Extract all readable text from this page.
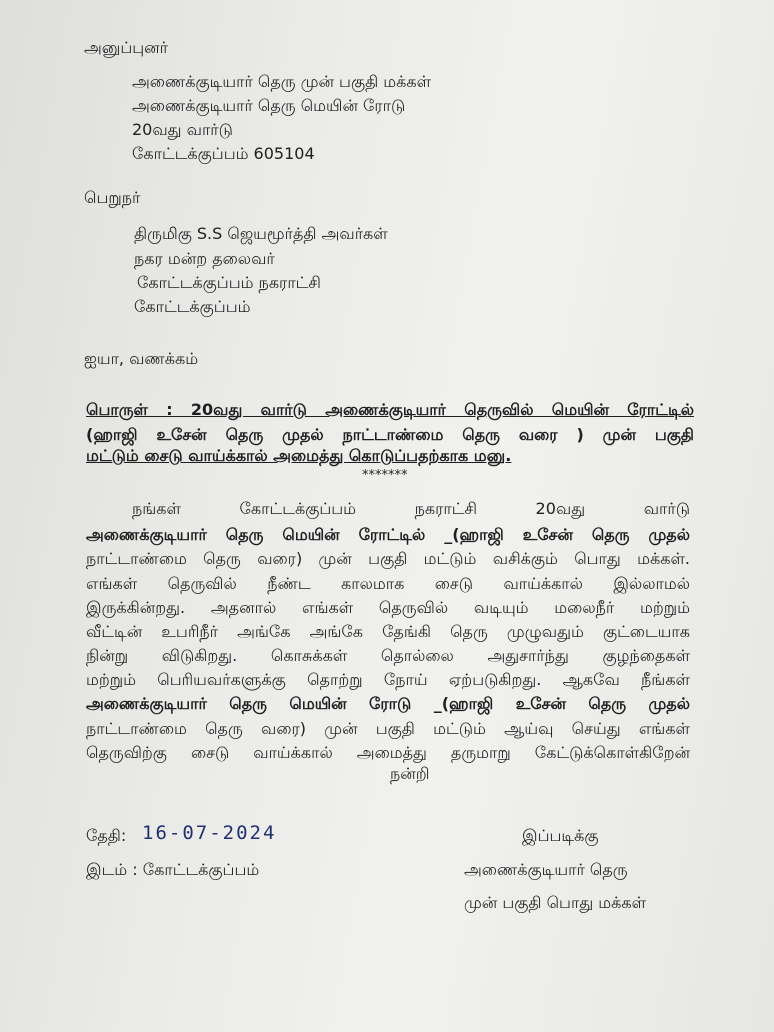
அனுப்புனர்
அணைக்குடியார் தெரு முன் பகுதி மக்கள்
அணைக்குடியார் தெரு மெயின் ரோடு
20வது வார்டு
கோட்டக்குப்பம் 605104
பெறுநர்
திருமிகு S.S ஜெயமூர்த்தி அவர்கள்
நகர மன்ற தலைவர்
கோட்டக்குப்பம் நகராட்சி
கோட்டக்குப்பம்
ஐயா, வணக்கம்
பொருள் : 20வது வார்டு அணைக்குடியார் தெருவில் மெயின் ரோட்டில்
(ஹாஜி உசேன் தெரு முதல் நாட்டாண்மை தெரு வரை ) முன் பகுதி
மட்டும் சைடு வாய்க்கால் அமைத்து கொடுப்பதற்காக மனு.
*******
நங்கள் கோட்டக்குப்பம் நகராட்சி 20வது வார்டு
அணைக்குடியார் தெரு மெயின் ரோட்டில் _(ஹாஜி உசேன் தெரு முதல்
நாட்டாண்மை தெரு வரை) முன் பகுதி மட்டும் வசிக்கும் பொது மக்கள்.
எங்கள் தெருவில் நீண்ட காலமாக சைடு வாய்க்கால் இல்லாமல்
இருக்கின்றது. அதனால் எங்கள் தெருவில் வடியும் மலைநீர் மற்றும்
வீட்டின் உபரிநீர் அங்கே அங்கே தேங்கி தெரு முழுவதும் குட்டையாக
நின்று விடுகிறது. கொசுக்கள் தொல்லை அதுசார்ந்து குழந்தைகள்
மற்றும் பெரியவர்களுக்கு தொற்று நோய் ஏற்படுகிறது. ஆகவே நீங்கள்
அணைக்குடியார் தெரு மெயின் ரோடு _(ஹாஜி உசேன் தெரு முதல்
நாட்டாண்மை தெரு வரை) முன் பகுதி மட்டும் ஆய்வு செய்து எங்கள்
தெருவிற்கு சைடு வாய்க்கால் அமைத்து தருமாறு கேட்டுக்கொள்கிறேன்
நன்றி
தேதி: 16-07-2024
இடம் : கோட்டக்குப்பம்
இப்படிக்கு
அணைக்குடியார் தெரு
முன் பகுதி பொது மக்கள்
